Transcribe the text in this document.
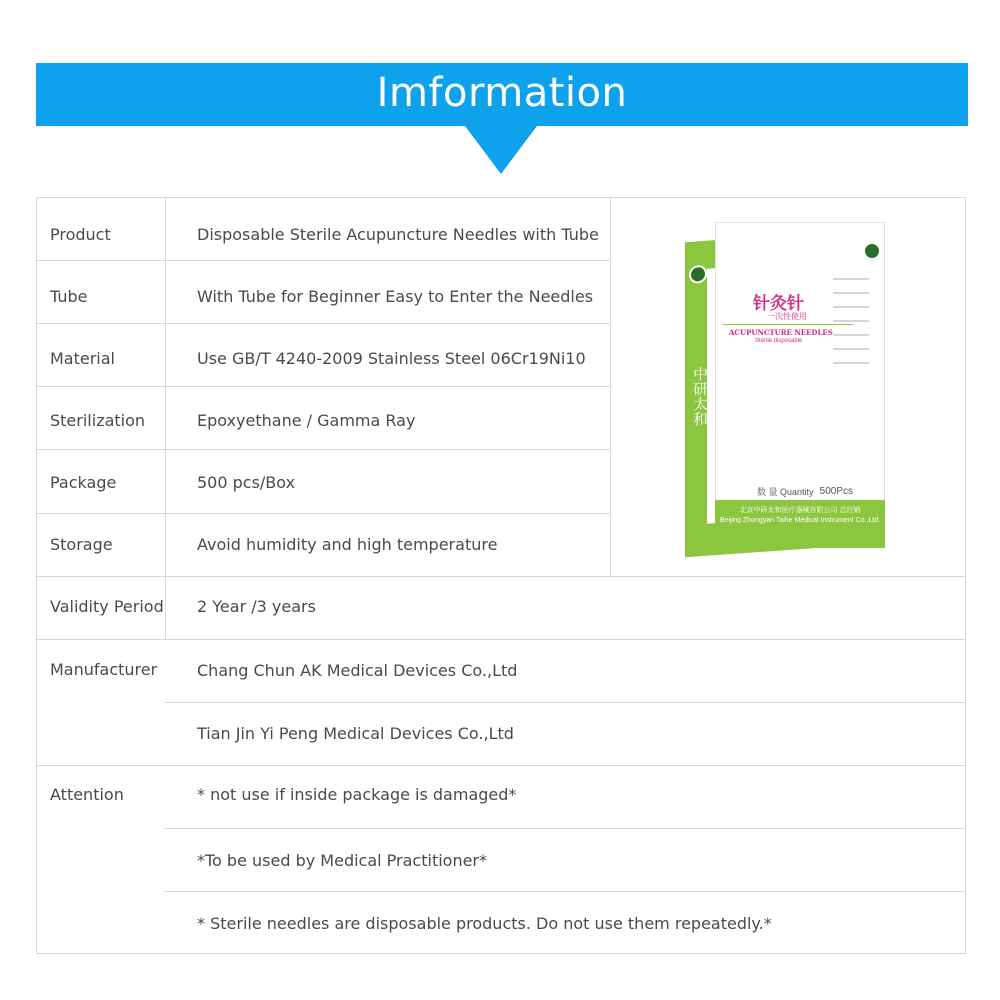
Imformation
Product	Disposable Sterile Acupuncture Needles with Tube
Tube	With Tube for Beginner Easy to Enter the Needles
Material	Use GB/T 4240-2009 Stainless Steel 06Cr19Ni10
Sterilization	Epoxyethane / Gamma Ray
Package	500 pcs/Box
Storage	Avoid humidity and high temperature
Validity Period 2 Year /3 years
Manufacturer Chang Chun AK Medical Devices Co.,Ltd
Tian Jin Yi Peng Medical Devices Co.,Ltd
Attention	* not use if inside package is damaged*
*To be used by Medical Practitioner*
* Sterile needles are disposable products. Do not use them repeatedly.*
中研太和
针灸针
一次性使用
ACUPUNCTURE NEEDLES
Sterile disposable
数 量 Quantity 500Pcs
北京中研太和医疗器械有限公司 总经销
Beijing Zhongyan Taihe Medical Instrument Co.,Ltd.
